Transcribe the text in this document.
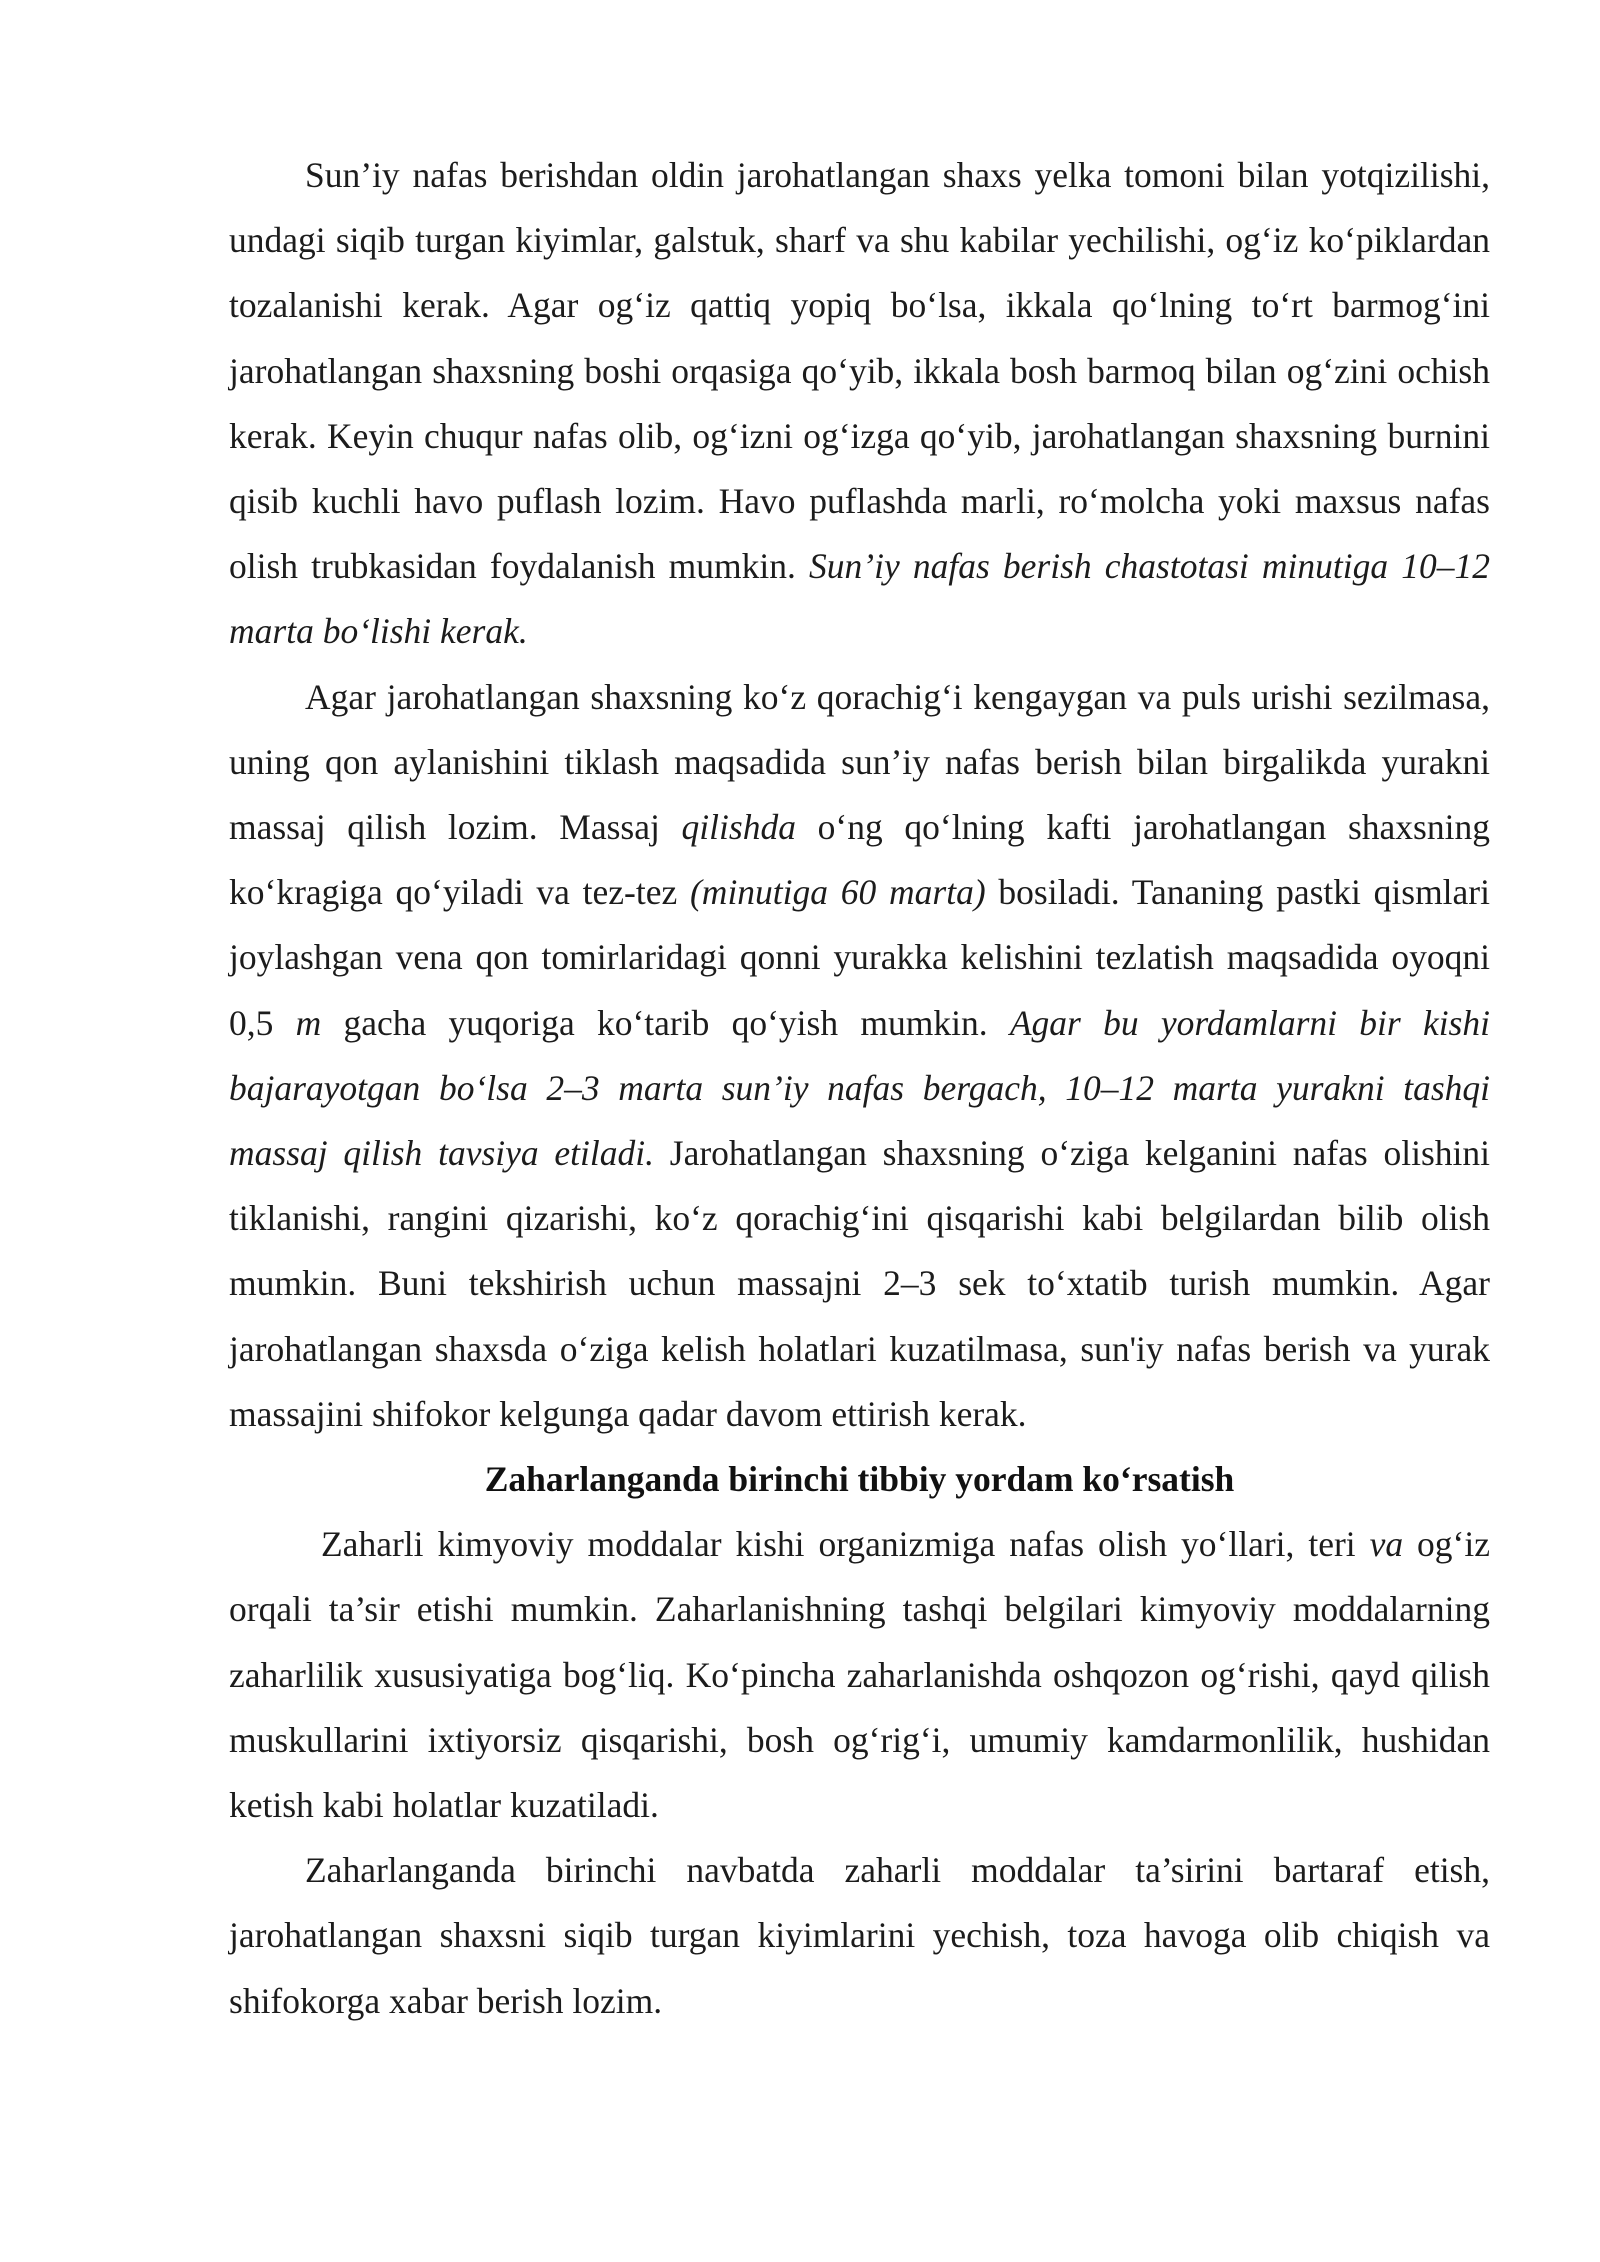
Sun’iy nafas berishdan oldin jarohatlangan shaxs yelka tomoni bilan yotqizilishi, undagi siqib turgan kiyimlar, galstuk, sharf va shu kabilar yechilishi, og‘iz ko‘piklardan tozalanishi kerak. Agar og‘iz qattiq yopiq bo‘lsa, ikkala qo‘lning to‘rt barmog‘ini jarohatlangan shaxsning boshi orqasiga qo‘yib, ikkala bosh barmoq bilan og‘zini ochish kerak. Keyin chuqur nafas olib, og‘izni og‘izga qo‘yib, jarohatlangan shaxsning burnini qisib kuchli havo puflash lozim. Havo puflashda marli, ro‘molcha yoki maxsus nafas olish trubkasidan foydalanish mumkin. Sun’iy nafas berish chastotasi minutiga 10–12 marta bo‘lishi kerak.

Agar jarohatlangan shaxsning ko‘z qorachig‘i kengaygan va puls urishi sezilmasa, uning qon aylanishini tiklash maqsadida sun’iy nafas berish bilan birgalikda yurakni massaj qilish lozim. Massaj qilishda o‘ng qo‘lning kafti jarohatlangan shaxsning ko‘kragiga qo‘yiladi va tez-tez (minutiga 60 marta) bosiladi. Tananing pastki qismlari joylashgan vena qon tomirlaridagi qonni yurakka kelishini tezlatish maqsadida oyoqni 0,5 m gacha yuqoriga ko‘tarib qo‘yish mumkin. Agar bu yordamlarni bir kishi bajarayotgan bo‘lsa 2–3 marta sun’iy nafas bergach, 10–12 marta yurakni tashqi massaj qilish tavsiya etiladi. Jarohatlangan shaxsning o‘ziga kelganini nafas olishini tiklanishi, rangini qizarishi, ko‘z qorachig‘ini qisqarishi kabi belgilardan bilib olish mumkin. Buni tekshirish uchun massajni 2–3 sek to‘xtatib turish mumkin. Agar jarohatlangan shaxsda o‘ziga kelish holatlari kuzatilmasa, sun'iy nafas berish va yurak massajini shifokor kelgunga qadar davom ettirish kerak.

Zaharlanganda birinchi tibbiy yordam ko‘rsatish

Zaharli kimyoviy moddalar kishi organizmiga nafas olish yo‘llari, teri va og‘iz orqali ta’sir etishi mumkin. Zaharlanishning tashqi belgilari kimyoviy moddalarning zaharlilik xususiyatiga bog‘liq. Ko‘pincha zaharlanishda oshqozon og‘rishi, qayd qilish muskullarini ixtiyorsiz qisqarishi, bosh og‘rig‘i, umumiy kamdarmonlilik, hushidan ketish kabi holatlar kuzatiladi.

Zaharlanganda birinchi navbatda zaharli moddalar ta’sirini bartaraf etish, jarohatlangan shaxsni siqib turgan kiyimlarini yechish, toza havoga olib chiqish va shifokorga xabar berish lozim.
